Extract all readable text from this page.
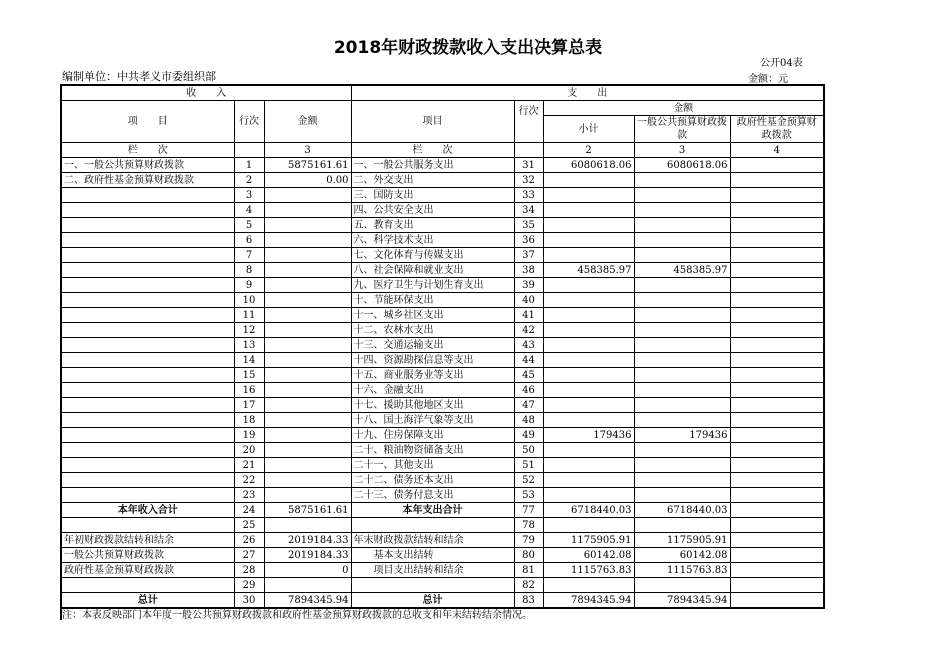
2018年财政拨款收入支出决算总表
公开04表
编制单位：中共孝义市委组织部	金额：元
收　　入			支　　出				
项　　目	行次	金额	项目	行次	金额		
					小计	一般公共预算财政拨款	政府性基金预算财政拨款
栏　　次		3	栏　　次		2	3	4
一、一般公共预算财政拨款	1	5875161.61	一、一般公共服务支出	31	6080618.06	6080618.06	
二、政府性基金预算财政拨款	2	0.00	二、外交支出	32			
	3		三、国防支出	33			
	4		四、公共安全支出	34			
	5		五、教育支出	35			
	6		六、科学技术支出	36			
	7		七、文化体育与传媒支出	37			
	8		八、社会保障和就业支出	38	458385.97	458385.97	
	9		九、医疗卫生与计划生育支出	39			
	10		十、节能环保支出	40			
	11		十一、城乡社区支出	41			
	12		十二、农林水支出	42			
	13		十三、交通运输支出	43			
	14		十四、资源勘探信息等支出	44			
	15		十五、商业服务业等支出	45			
	16		十六、金融支出	46			
	17		十七、援助其他地区支出	47			
	18		十八、国土海洋气象等支出	48			
	19		十九、住房保障支出	49	179436	179436	
	20		二十、粮油物资储备支出	50			
	21		二十一、其他支出	51			
	22		二十二、债务还本支出	52			
	23		二十三、债务付息支出	53			
本年收入合计	24	5875161.61	本年支出合计	77	6718440.03	6718440.03	
	25			78			
年初财政拨款结转和结余	26	2019184.33	年末财政拨款结转和结余	79	1175905.91	1175905.91	
一般公共预算财政拨款	27	2019184.33	基本支出结转	80	60142.08	60142.08	
政府性基金预算财政拨款	28	0	项目支出结转和结余	81	1115763.83	1115763.83	
	29			82			
总计	30	7894345.94	总计	83	7894345.94	7894345.94	
注：本表反映部门本年度一般公共预算财政拨款和政府性基金预算财政拨款的总收支和年末结转结余情况。
